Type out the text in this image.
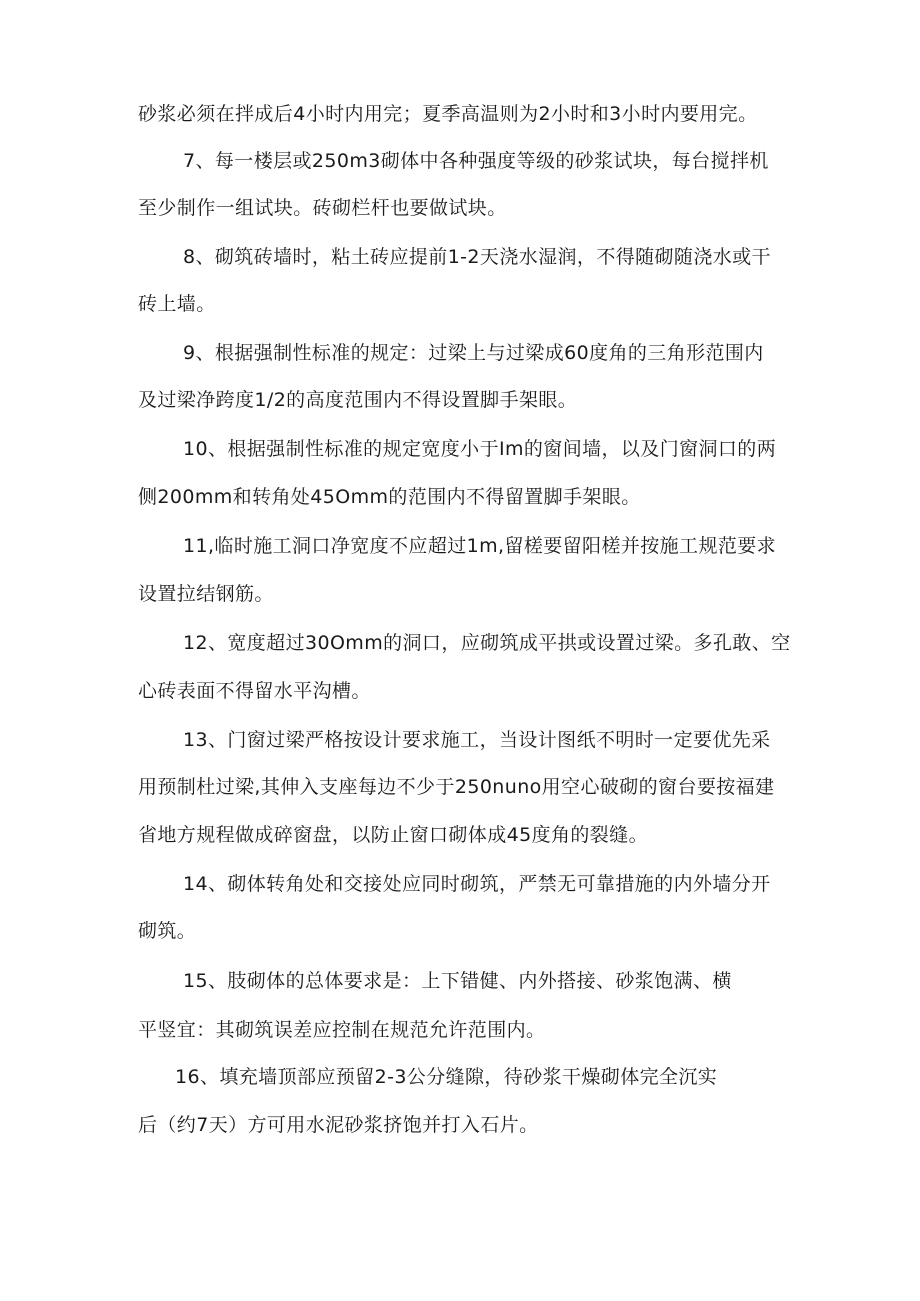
砂浆必须在拌成后4小时内用完；夏季高温则为2小时和3小时内要用完。
7、每一楼层或250m3砌体中各种强度等级的砂浆试块，每台搅拌机
至少制作一组试块。砖砌栏杆也要做试块。
8、砌筑砖墙时，粘土砖应提前1-2天浇水湿润，不得随砌随浇水或干
砖上墙。
9、根据强制性标准的规定：过梁上与过梁成60度角的三角形范围内
及过梁净跨度1/2的高度范围内不得设置脚手架眼。
10、根据强制性标准的规定宽度小于Im的窗间墙，以及门窗洞口的两
侧200mm和转角处45Omm的范围内不得留置脚手架眼。
11,临时施工洞口净宽度不应超过1m,留槎要留阳槎并按施工规范要求
设置拉结钢筋。
12、宽度超过30Omm的洞口，应砌筑成平拱或设置过梁。多孔敢、空
心砖表面不得留水平沟槽。
13、门窗过梁严格按设计要求施工，当设计图纸不明时一定要优先采
用预制杜过梁,其伸入支座每边不少于250nuno用空心破砌的窗台要按福建
省地方规程做成碎窗盘，以防止窗口砌体成45度角的裂缝。
14、砌体转角处和交接处应同时砌筑，严禁无可靠措施的内外墙分开
砌筑。
15、肢砌体的总体要求是：上下错健、内外搭接、砂浆饱满、横
平竖宜：其砌筑误差应控制在规范允许范围内。
16、填充墙顶部应预留2-3公分缝隙，待砂浆干燥砌体完全沉实
后（约7天）方可用水泥砂浆挤饱并打入石片。
